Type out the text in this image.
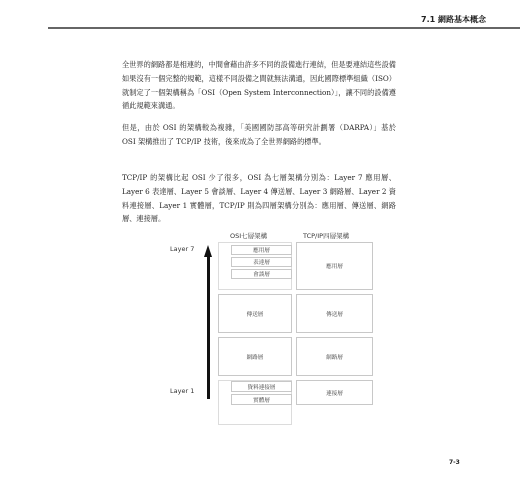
7.1 網路基本概念
全世界的網路都是相連的，中間會藉由許多不同的設備進行連結，但是要連結這些設備如果沒有一個完整的規範，這樣不同設備之間就無法溝通，因此國際標準組織（ISO）就制定了一個架構稱為「OSI（Open System Interconnection）」，讓不同的設備遵循此規範來溝通。
但是，由於 OSI 的架構較為複雜，「美國國防部高等研究計劃署（DARPA）」基於 OSI 架構推出了 TCP/IP 技術，後來成為了全世界網路的標準。
TCP/IP 的架構比起 OSI 少了很多，OSI 為七層架構分別為：Layer 7 應用層、Layer 6 表達層、Layer 5 會談層、Layer 4 傳送層、Layer 3 網路層、Layer 2 資料連接層、Layer 1 實體層，TCP/IP 則為四層架構分別為：應用層、傳送層、網路層、連接層。
OSI七層架構	TCP/IP四層架構
Layer 7
Layer 1
應用層
表達層
會談層
傳送層
網路層
資料連接層
實體層
應用層
傳送層
網路層
連接層
7-3
